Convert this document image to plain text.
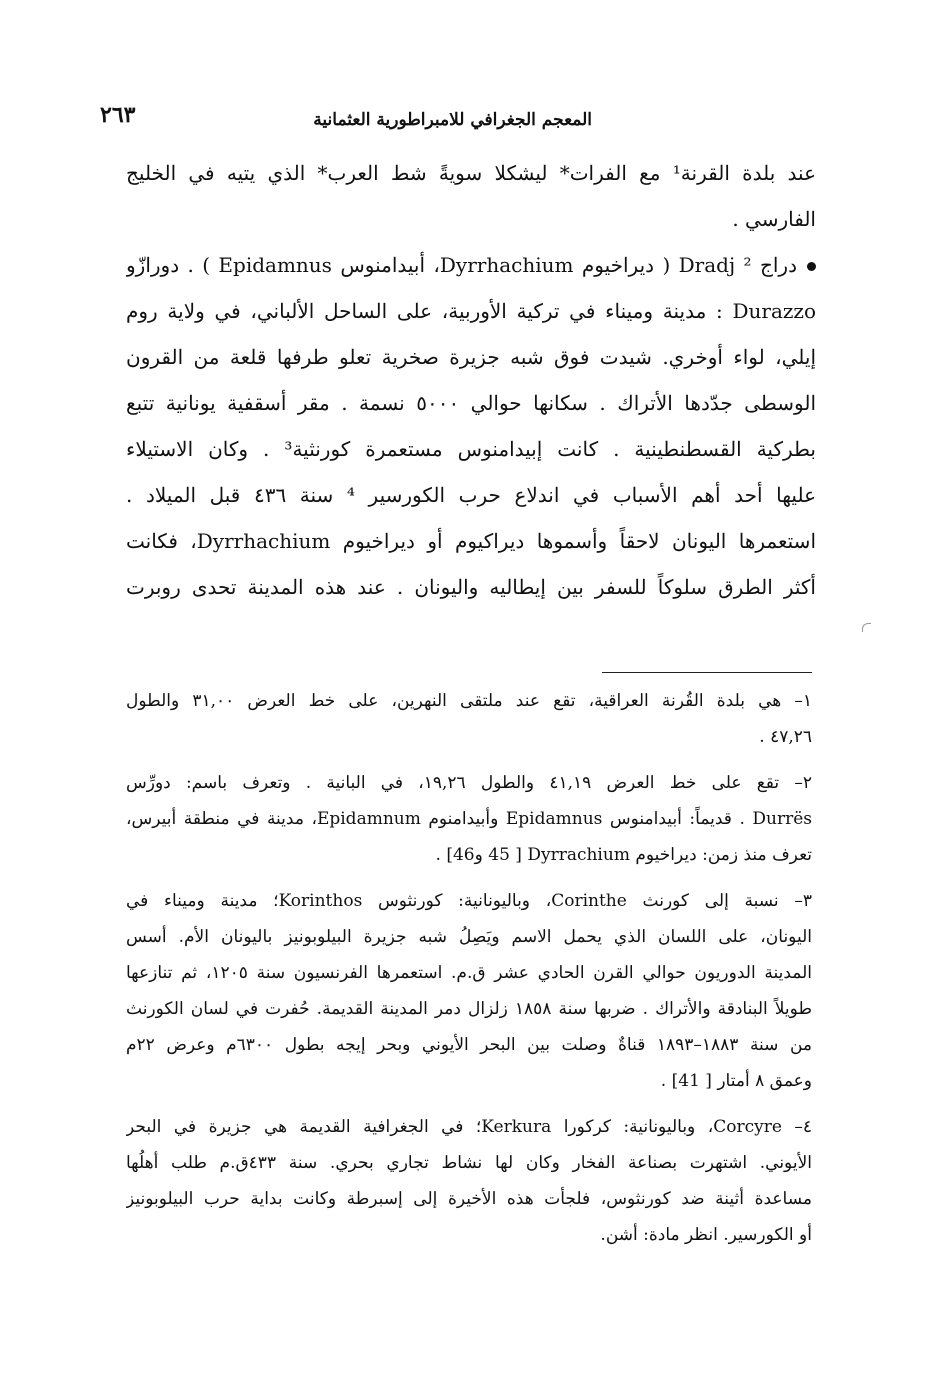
المعجم الجغرافي للامبراطورية العثمانية
٢٦٣
عند بلدة القرنة¹ مع الفرات* ليشكلا سويةً شط العرب* الذي يتيه في الخليج
الفارسي .
دراج Dradj ² ( ديراخيوم Dyrrhachium، أبيدامنوس Epidamnus ) . دورازّو
Durazzo : مدينة وميناء في تركية الأوربية، على الساحل الألباني، في ولاية روم
إيلي، لواء أوخري. شيدت فوق شبه جزيرة صخرية تعلو طرفها قلعة من القرون
الوسطى جدّدها الأتراك . سكانها حوالي ٥٠٠٠ نسمة . مقر أسقفية يونانية تتبع
بطركية القسطنطينية . كانت إبيدامنوس مستعمرة كورنثية³ . وكان الاستيلاء
عليها أحد أهم الأسباب في اندلاع حرب الكورسير ⁴ سنة ٤٣٦ قبل الميلاد .
استعمرها اليونان لاحقاً وأسموها ديراكيوم أو ديراخيوم Dyrrhachium، فكانت
أكثر الطرق سلوكاً للسفر بين إيطاليه واليونان . عند هذه المدينة تحدى روبرت
١– هي بلدة القُرنة العراقية، تقع عند ملتقى النهرين، على خط العرض ٣١,٠٠ والطول
٤٧,٢٦ .
٢– تقع على خط العرض ٤١,١٩ والطول ١٩,٢٦، في البانية . وتعرف باسم: دورِّس
Durrës . قديماً: أبيدامنوس Epidamnus وأبيدامنوم Epidamnum، مدينة في منطقة أبيرس،
تعرف منذ زمن: ديراخيوم Dyrrachium [ 45 و46] .
٣– نسبة إلى كورنث Corinthe، وباليونانية: كورنثوس Korinthos؛ مدينة وميناء في
اليونان، على اللسان الذي يحمل الاسم ويَصِلُ شبه جزيرة البيلوبونيز باليونان الأم. أسس
المدينة الدوريون حوالي القرن الحادي عشر ق.م. استعمرها الفرنسيون سنة ١٢٠٥، ثم تنازعها
طويلاً البنادقة والأتراك . ضربها سنة ١٨٥٨ زلزال دمر المدينة القديمة. حُفرت في لسان الكورنث
من سنة ١٨٨٣–١٨٩٣ قناةٌ وصلت بين البحر الأيوني وبحر إيجه بطول ٦٣٠٠م وعرض ٢٢م
وعمق ٨ أمتار [ 41] .
٤– Corcyre، وباليونانية: كركورا Kerkura؛ في الجغرافية القديمة هي جزيرة في البحر
الأيوني. اشتهرت بصناعة الفخار وكان لها نشاط تجاري بحري. سنة ٤٣٣ق.م طلب أهلُها
مساعدة أثينة ضد كورنثوس، فلجأت هذه الأخيرة إلى إسبرطة وكانت بداية حرب البيلوبونيز
أو الكورسير. انظر مادة: أشن.
